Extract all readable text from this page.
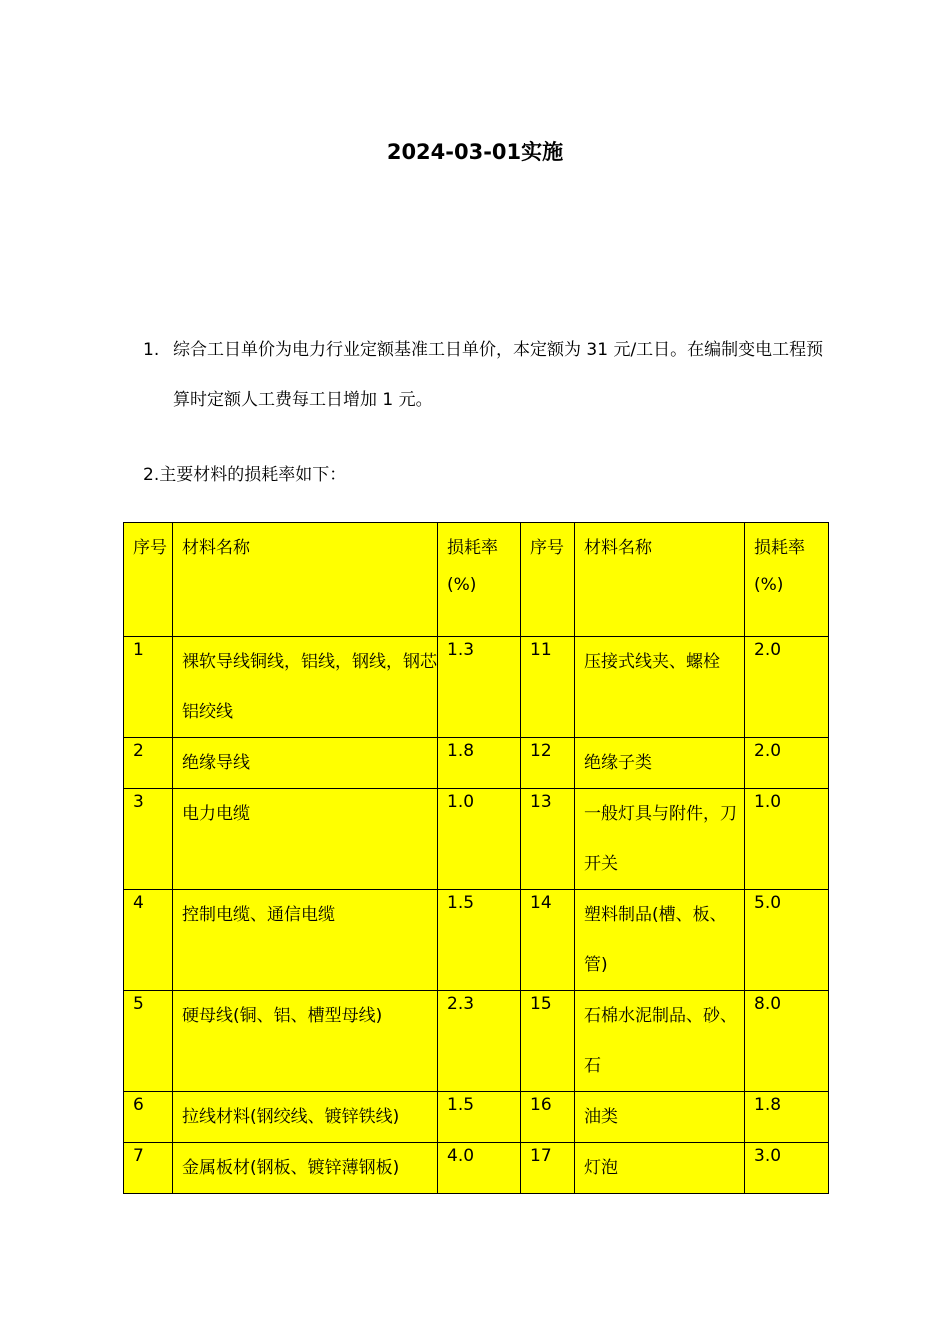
2024-03-01实施
1. 综合工日单价为电力行业定额基准工日单价，本定额为 31 元/工日。在编制变电工程预算时定额人工费每工日增加 1 元。
2.主要材料的损耗率如下：
序号	材料名称	损耗率(%)	序号	材料名称	损耗率(%)
1	裸软导线铜线，铝线，钢线，钢芯铝绞线	1.3	11	压接式线夹、螺栓	2.0
2	绝缘导线	1.8	12	绝缘子类	2.0
3	电力电缆	1.0	13	一般灯具与附件，刀开关	1.0
4	控制电缆、通信电缆	1.5	14	塑料制品(槽、板、管)	5.0
5	硬母线(铜、铝、槽型母线)	2.3	15	石棉水泥制品、砂、石	8.0
6	拉线材料(钢绞线、镀锌铁线)	1.5	16	油类	1.8
7	金属板材(钢板、镀锌薄钢板)	4.0	17	灯泡	3.0
